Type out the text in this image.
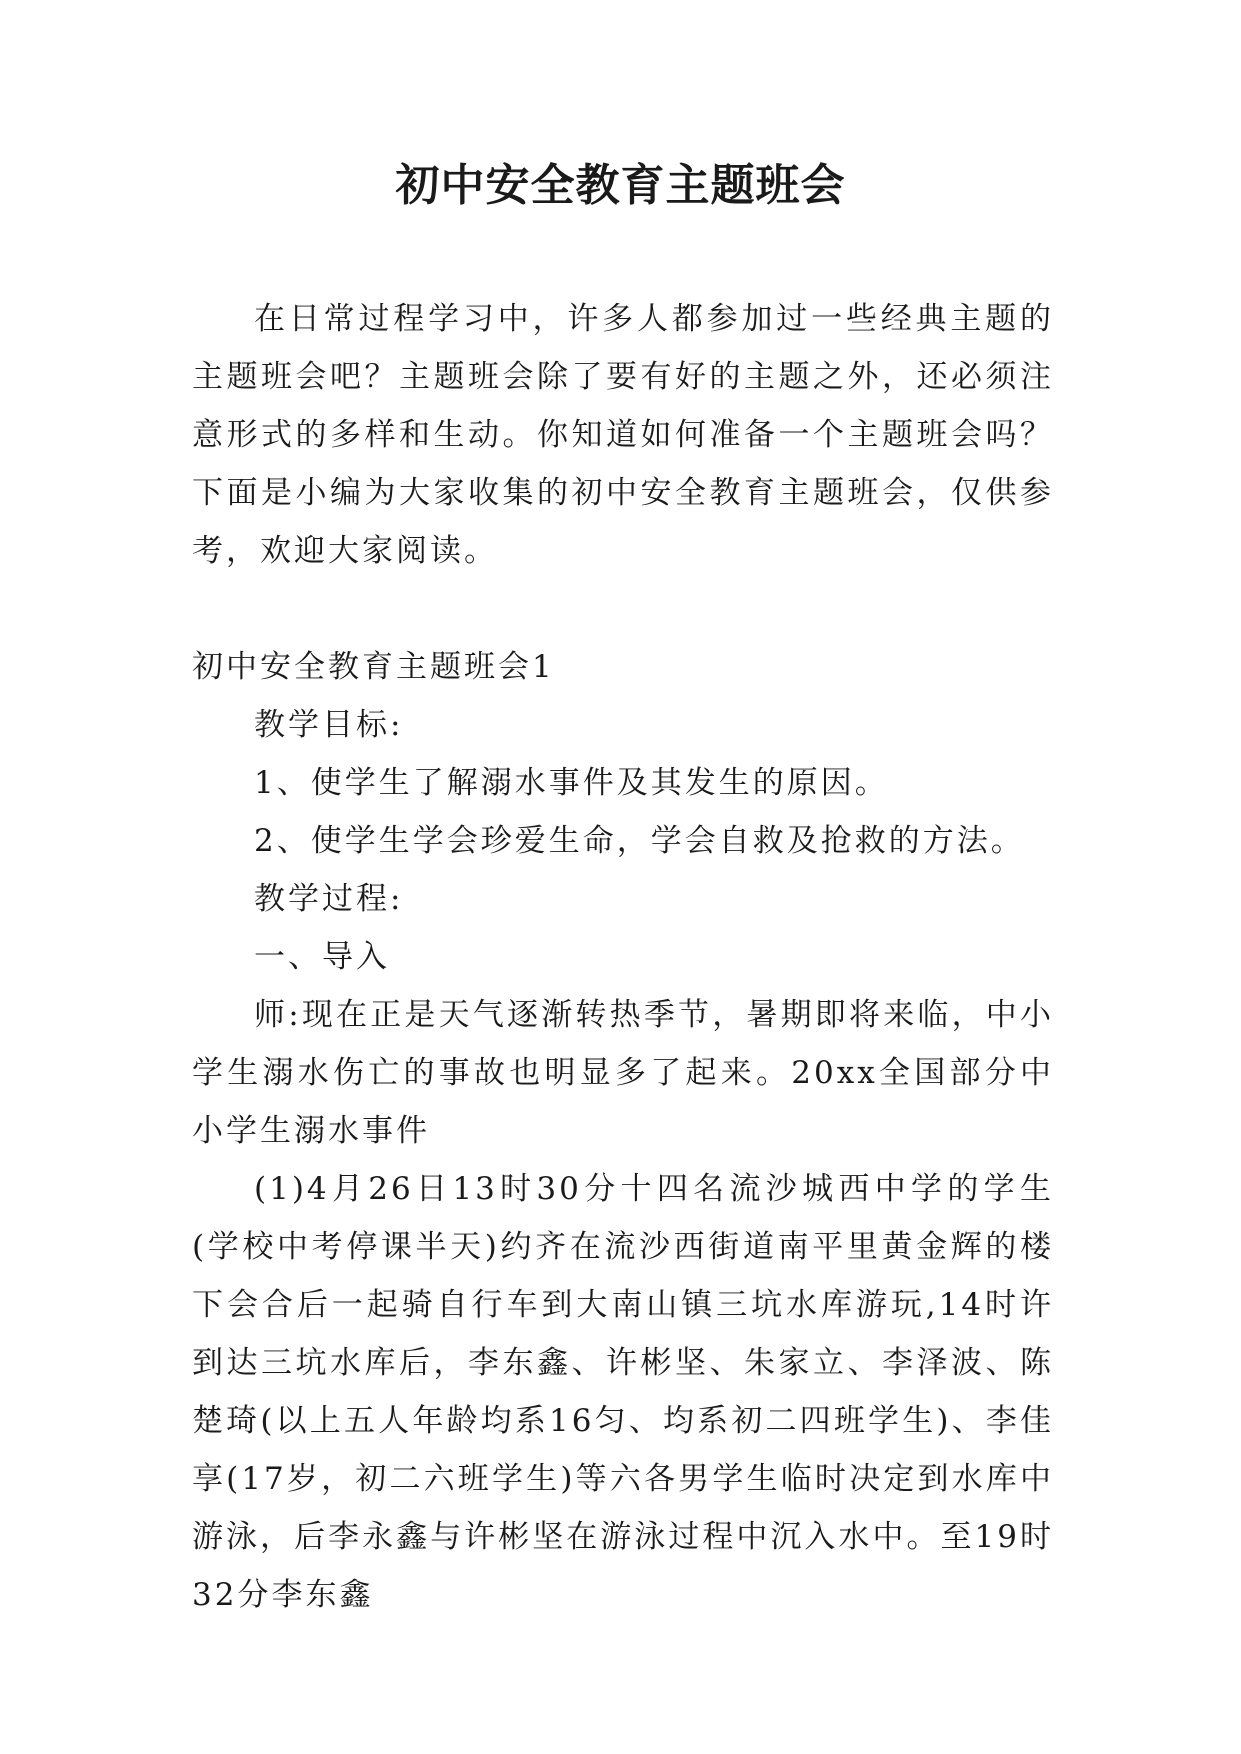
初中安全教育主题班会

在日常过程学习中，许多人都参加过一些经典主题的主题班会吧？主题班会除了要有好的主题之外，还必须注意形式的多样和生动。你知道如何准备一个主题班会吗？下面是小编为大家收集的初中安全教育主题班会，仅供参考，欢迎大家阅读。

初中安全教育主题班会1

教学目标:

1、使学生了解溺水事件及其发生的原因。

2、使学生学会珍爱生命，学会自救及抢救的方法。

教学过程:

一、导入

师:现在正是天气逐渐转热季节，暑期即将来临，中小学生溺水伤亡的事故也明显多了起来。20xx全国部分中小学生溺水事件

(1)4月26日13时30分十四名流沙城西中学的学生(学校中考停课半天)约齐在流沙西街道南平里黄金辉的楼下会合后一起骑自行车到大南山镇三坑水库游玩,14时许到达三坑水库后，李东鑫、许彬坚、朱家立、李泽波、陈楚琦(以上五人年龄均系16匀、均系初二四班学生)、李佳享(17岁，初二六班学生)等六各男学生临时决定到水库中游泳，后李永鑫与许彬坚在游泳过程中沉入水中。至19时32分李东鑫
